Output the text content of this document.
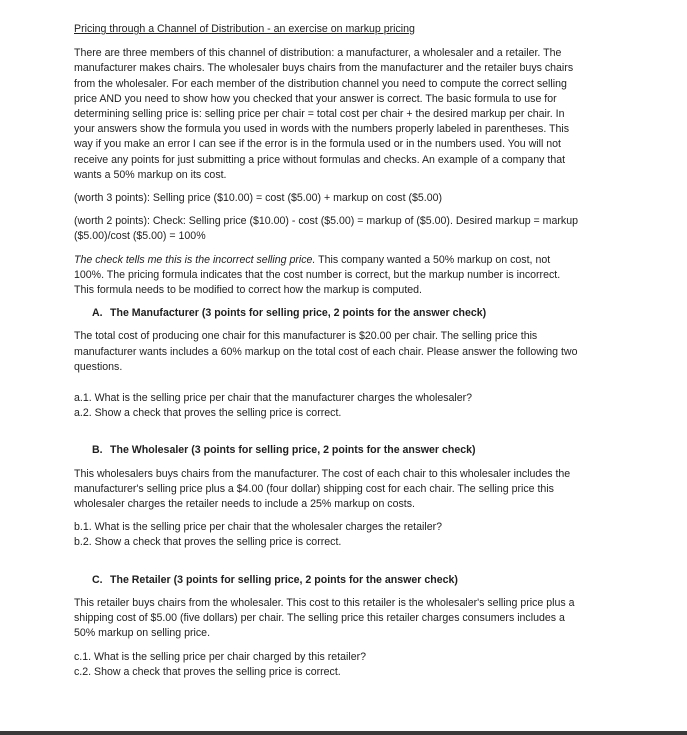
Pricing through a Channel of Distribution - an exercise on markup pricing

There are three members of this channel of distribution: a manufacturer, a wholesaler and a retailer. The manufacturer makes chairs. The wholesaler buys chairs from the manufacturer and the retailer buys chairs from the wholesaler. For each member of the distribution channel you need to compute the correct selling price AND you need to show how you checked that your answer is correct. The basic formula to use for determining selling price is: selling price per chair = total cost per chair + the desired markup per chair. In your answers show the formula you used in words with the numbers properly labeled in parentheses. This way if you make an error I can see if the error is in the formula used or in the numbers used. You will not receive any points for just submitting a price without formulas and checks. An example of a company that wants a 50% markup on its cost.

(worth 3 points): Selling price ($10.00) = cost ($5.00) + markup on cost ($5.00)

(worth 2 points): Check: Selling price ($10.00) - cost ($5.00) = markup of ($5.00). Desired markup = markup ($5.00)/cost ($5.00) = 100%

The check tells me this is the incorrect selling price. This company wanted a 50% markup on cost, not 100%. The pricing formula indicates that the cost number is correct, but the markup number is incorrect. This formula needs to be modified to correct how the markup is computed.

A. The Manufacturer (3 points for selling price, 2 points for the answer check)

The total cost of producing one chair for this manufacturer is $20.00 per chair. The selling price this manufacturer wants includes a 60% markup on the total cost of each chair. Please answer the following two questions.

a.1. What is the selling price per chair that the manufacturer charges the wholesaler?

a.2. Show a check that proves the selling price is correct.

B. The Wholesaler (3 points for selling price, 2 points for the answer check)

This wholesalers buys chairs from the manufacturer. The cost of each chair to this wholesaler includes the manufacturer's selling price plus a $4.00 (four dollar) shipping cost for each chair. The selling price this wholesaler charges the retailer needs to include a 25% markup on costs.

b.1. What is the selling price per chair that the wholesaler charges the retailer?

b.2. Show a check that proves the selling price is correct.

C. The Retailer (3 points for selling price, 2 points for the answer check)

This retailer buys chairs from the wholesaler. This cost to this retailer is the wholesaler's selling price plus a shipping cost of $5.00 (five dollars) per chair. The selling price this retailer charges consumers includes a 50% markup on selling price.

c.1. What is the selling price per chair charged by this retailer?

c.2. Show a check that proves the selling price is correct.
